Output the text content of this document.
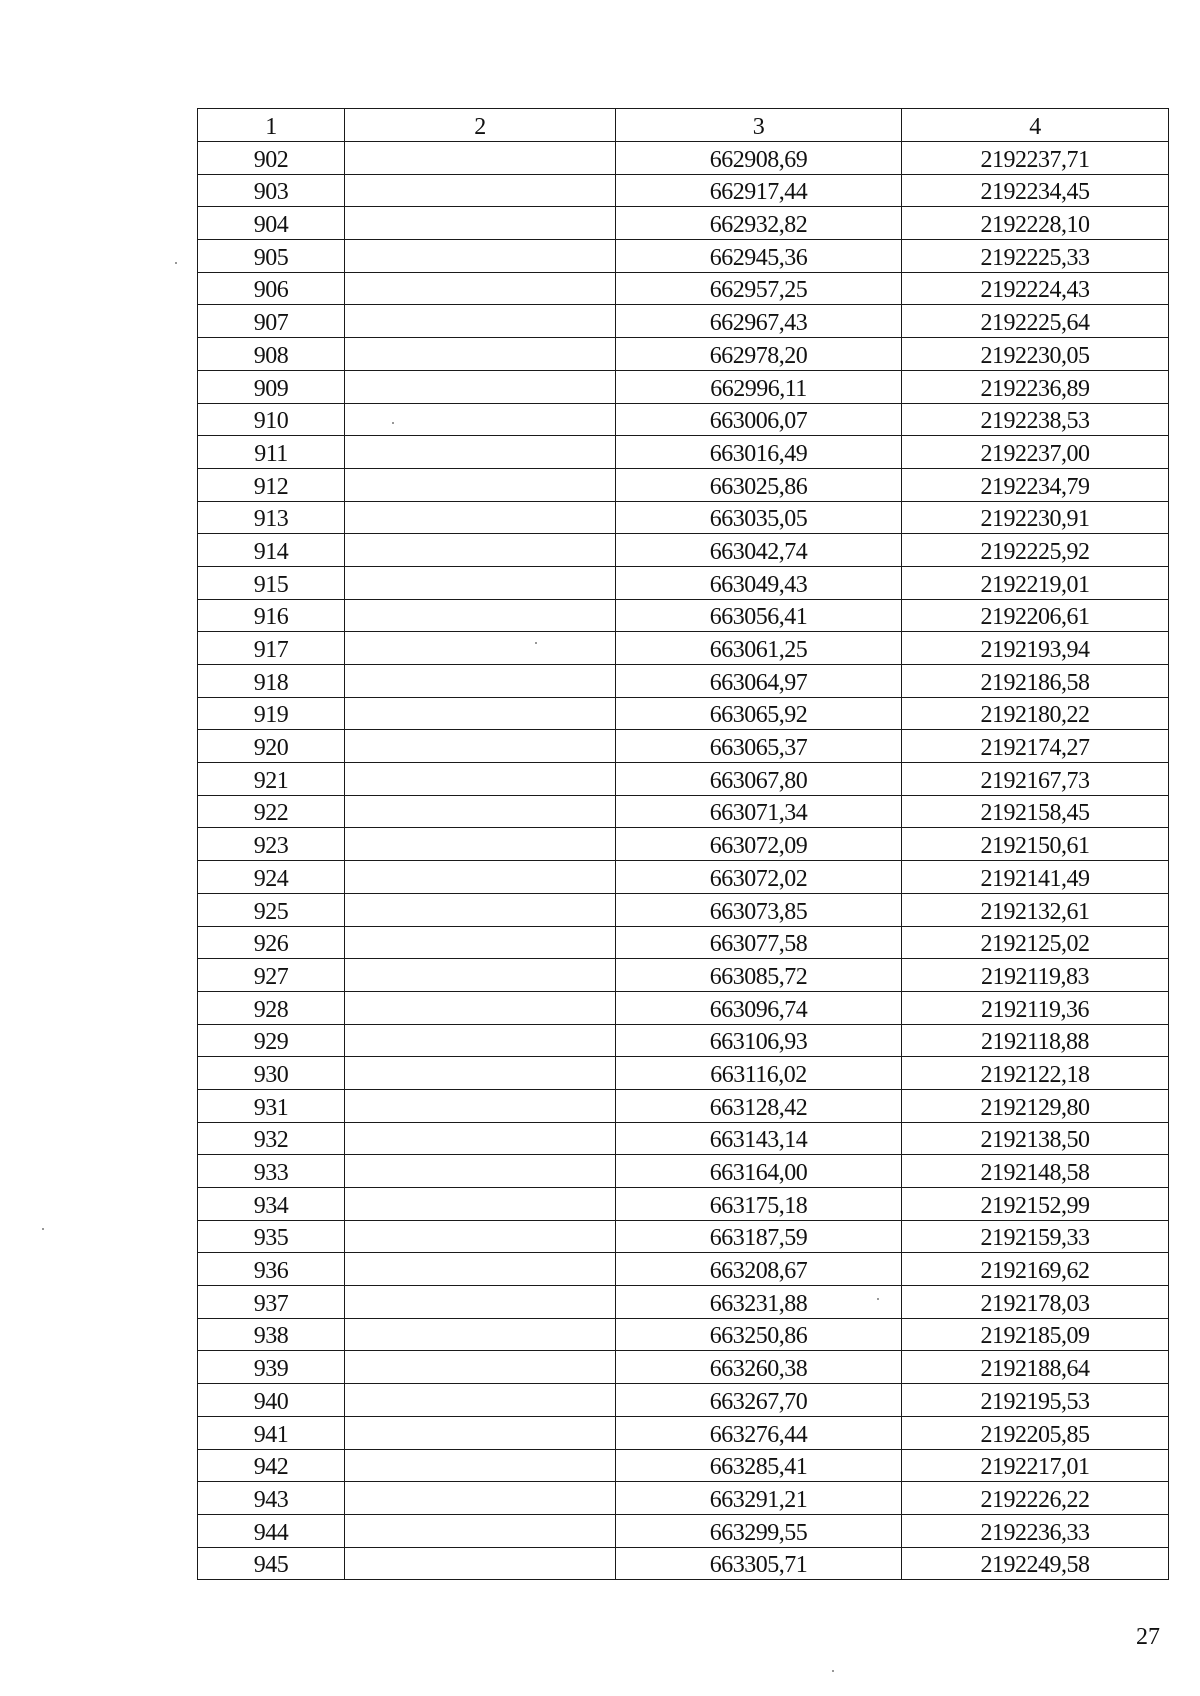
1	2	3	4
902		662908,69	2192237,71
903		662917,44	2192234,45
904		662932,82	2192228,10
905		662945,36	2192225,33
906		662957,25	2192224,43
907		662967,43	2192225,64
908		662978,20	2192230,05
909		662996,11	2192236,89
910		663006,07	2192238,53
911		663016,49	2192237,00
912		663025,86	2192234,79
913		663035,05	2192230,91
914		663042,74	2192225,92
915		663049,43	2192219,01
916		663056,41	2192206,61
917		663061,25	2192193,94
918		663064,97	2192186,58
919		663065,92	2192180,22
920		663065,37	2192174,27
921		663067,80	2192167,73
922		663071,34	2192158,45
923		663072,09	2192150,61
924		663072,02	2192141,49
925		663073,85	2192132,61
926		663077,58	2192125,02
927		663085,72	2192119,83
928		663096,74	2192119,36
929		663106,93	2192118,88
930		663116,02	2192122,18
931		663128,42	2192129,80
932		663143,14	2192138,50
933		663164,00	2192148,58
934		663175,18	2192152,99
935		663187,59	2192159,33
936		663208,67	2192169,62
937		663231,88	2192178,03
938		663250,86	2192185,09
939		663260,38	2192188,64
940		663267,70	2192195,53
941		663276,44	2192205,85
942		663285,41	2192217,01
943		663291,21	2192226,22
944		663299,55	2192236,33
945		663305,71	2192249,58
27
